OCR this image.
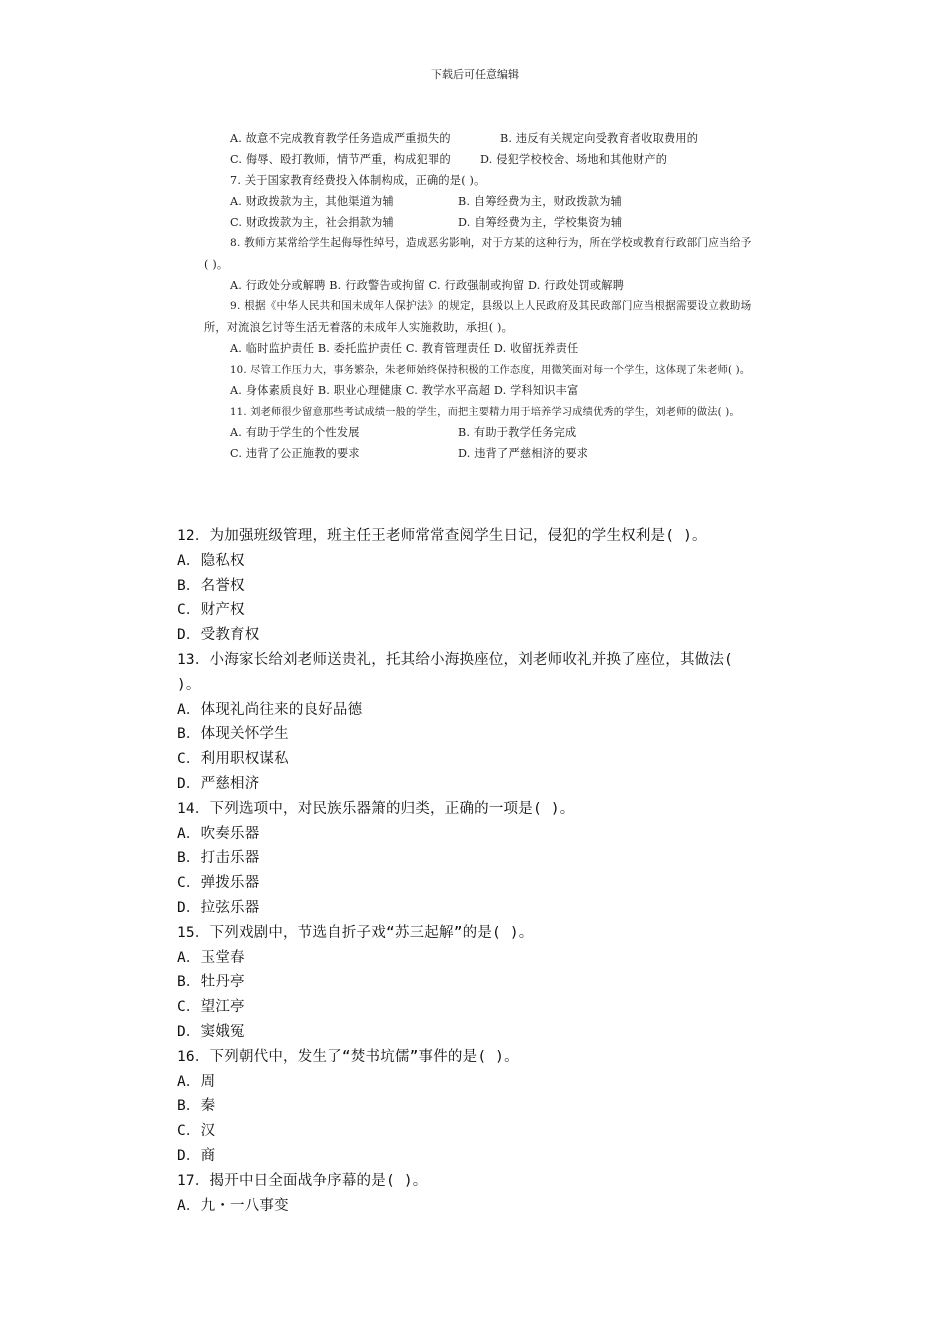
下载后可任意编辑
A. 故意不完成教育教学任务造成严重损失的	B. 违反有关规定向受教育者收取费用的
C. 侮辱、殴打教师，情节严重，构成犯罪的	D. 侵犯学校校舍、场地和其他财产的
7. 关于国家教育经费投入体制构成，正确的是( )。
A. 财政拨款为主，其他渠道为辅	B. 自筹经费为主，财政拨款为辅
C. 财政拨款为主，社会捐款为辅	D. 自筹经费为主，学校集资为辅
8. 教师方某常给学生起侮辱性绰号，造成恶劣影响，对于方某的这种行为，所在学校或教育行政部门应当给予
( )。
A. 行政处分或解聘 B. 行政警告或拘留 C. 行政强制或拘留 D. 行政处罚或解聘
9. 根据《中华人民共和国未成年人保护法》的规定，县级以上人民政府及其民政部门应当根据需要设立救助场
所，对流浪乞讨等生活无着落的未成年人实施救助，承担( )。
A. 临时监护责任 B. 委托监护责任 C. 教育管理责任 D. 收留抚养责任
10. 尽管工作压力大，事务繁杂，朱老师始终保持积极的工作态度，用微笑面对每一个学生，这体现了朱老师( )。
A. 身体素质良好 B. 职业心理健康 C. 教学水平高超 D. 学科知识丰富
11. 刘老师很少留意那些考试成绩一般的学生，而把主要精力用于培养学习成绩优秀的学生，刘老师的做法( )。
A. 有助于学生的个性发展	B. 有助于教学任务完成
C. 违背了公正施教的要求	D. 违背了严慈相济的要求
12．为加强班级管理，班主任王老师常常查阅学生日记，侵犯的学生权利是( )。
A．隐私权
B．名誉权
C．财产权
D．受教育权
13．小海家长给刘老师送贵礼，托其给小海换座位，刘老师收礼并换了座位，其做法(
)。
A．体现礼尚往来的良好品德
B．体现关怀学生
C．利用职权谋私
D．严慈相济
14．下列选项中，对民族乐器箫的归类，正确的一项是( )。
A．吹奏乐器
B．打击乐器
C．弹拨乐器
D．拉弦乐器
15．下列戏剧中，节选自折子戏“苏三起解”的是( )。
A．玉堂春
B．牡丹亭
C．望江亭
D．窦娥冤
16．下列朝代中，发生了“焚书坑儒”事件的是( )。
A．周
B．秦
C．汉
D．商
17．揭开中日全面战争序幕的是( )。
A．九・一八事变
